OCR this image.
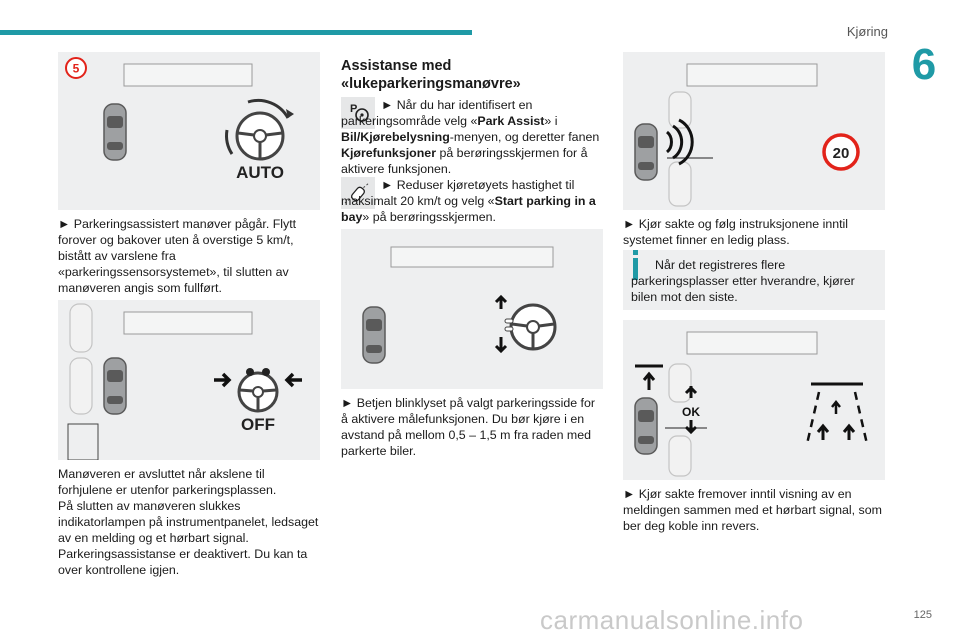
Kjøring
6
5
AUTO
► Parkeringsassistert manøver pågår. Flytt forover og bakover uten å overstige 5 km/t, bistått av varslene fra «parkeringssensorsystemet», til slutten av manøveren angis som fullført.
OFF
Manøveren er avsluttet når akslene til forhjulene er utenfor parkeringsplassen.
På slutten av manøveren slukkes indikatorlampen på instrumentpanelet, ledsaget av en melding og et hørbart signal.
Parkeringsassistanse er deaktivert. Du kan ta over kontrollene igjen.
Assistanse med «lukeparkeringsmanøvre»
P	► Når du har identifisert en parkeringsområde velg «Park Assist» i Bil/Kjørebelysning-menyen, og deretter fanen Kjørefunksjoner på berøringsskjermen for å aktivere funksjonen.
► Reduser kjøretøyets hastighet til maksimalt 20 km/t og velg «Start parking in a bay» på berøringsskjermen.
► Betjen blinklyset på valgt parkeringsside for å aktivere målefunksjonen. Du bør kjøre i en avstand på mellom 0,5 – 1,5 m fra raden med parkerte biler.
20
► Kjør sakte og følg instruksjonene inntil systemet finner en ledig plass.
Når det registreres flere parkeringsplasser etter hverandre, kjører bilen mot den siste.
OK
► Kjør sakte fremover inntil visning av en meldingen sammen med et hørbart signal, som ber deg koble inn revers.
carmanualsonline.info	125
